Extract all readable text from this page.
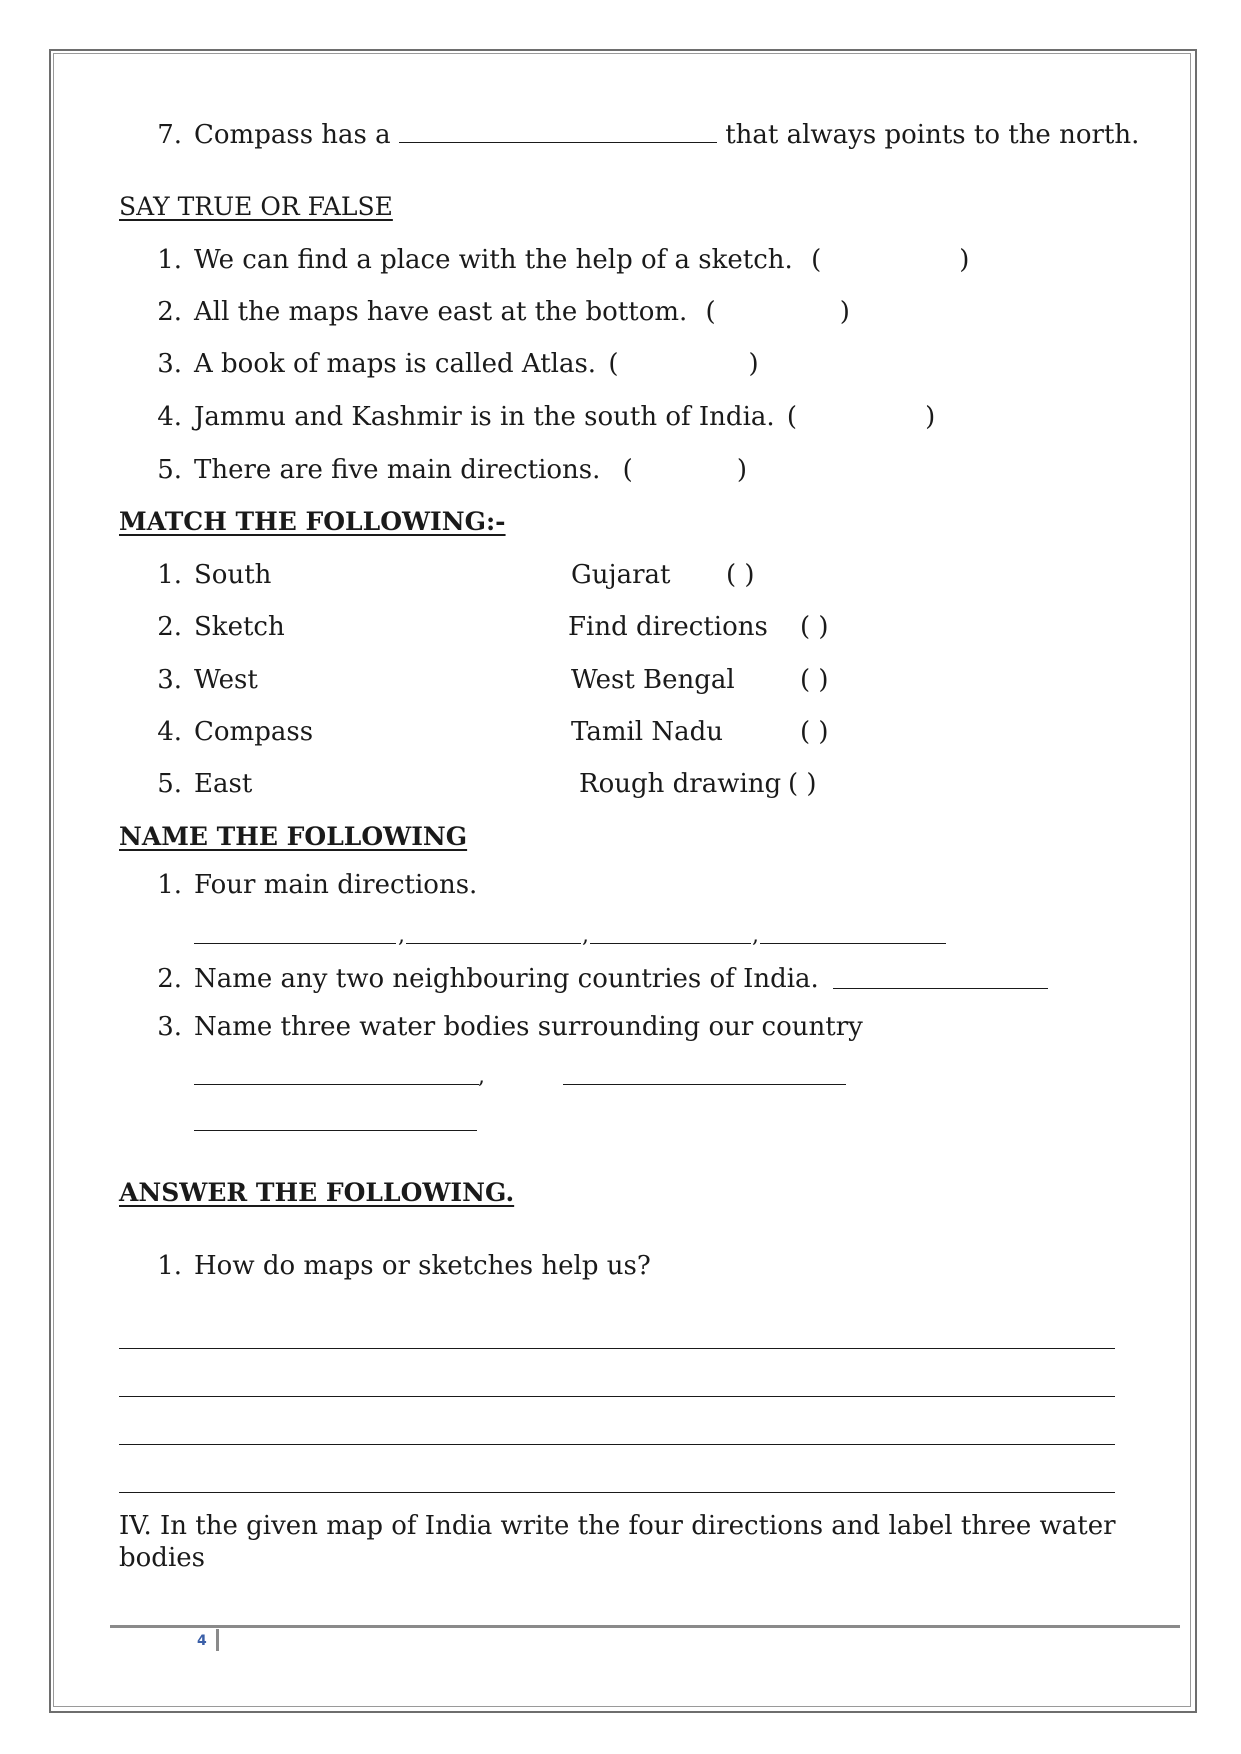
7. Compass has a	that always points to the north.
SAY TRUE OR FALSE
1. We can find a place with the help of a sketch. (	)
2. All the maps have east at the bottom. (	)
3. A book of maps is called Atlas. (	)
4. Jammu and Kashmir is in the south of India. (	)
5. There are five main directions. (	)
MATCH THE FOLLOWING:-
1. South	Gujarat ( )
2. Sketch	Find directions ( )
3. West	West Bengal	( )
4. Compass	Tamil Nadu	( )
5. East	Rough drawing ( )
NAME THE FOLLOWING
1. Four main directions.
,	,	,
2. Name any two neighbouring countries of India.
3. Name three water bodies surrounding our country
,
ANSWER THE FOLLOWING.
1. How do maps or sketches help us?
IV. In the given map of India write the four directions and label three water
bodies
4
